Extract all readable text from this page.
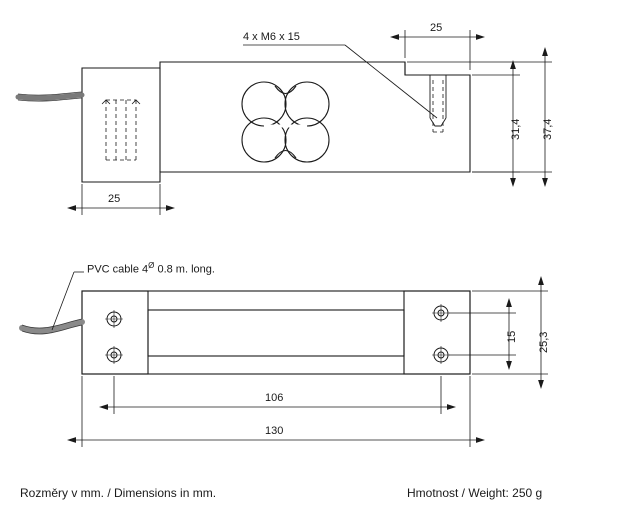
4 x M6 x 15
25
31,4 37,4
25
PVC cable $4^Ø$ 0.8 m. long.
15 25,3
106
130
Rozměry v mm. / Dimensions in mm.	Hmotnost / Weight: 250 g
